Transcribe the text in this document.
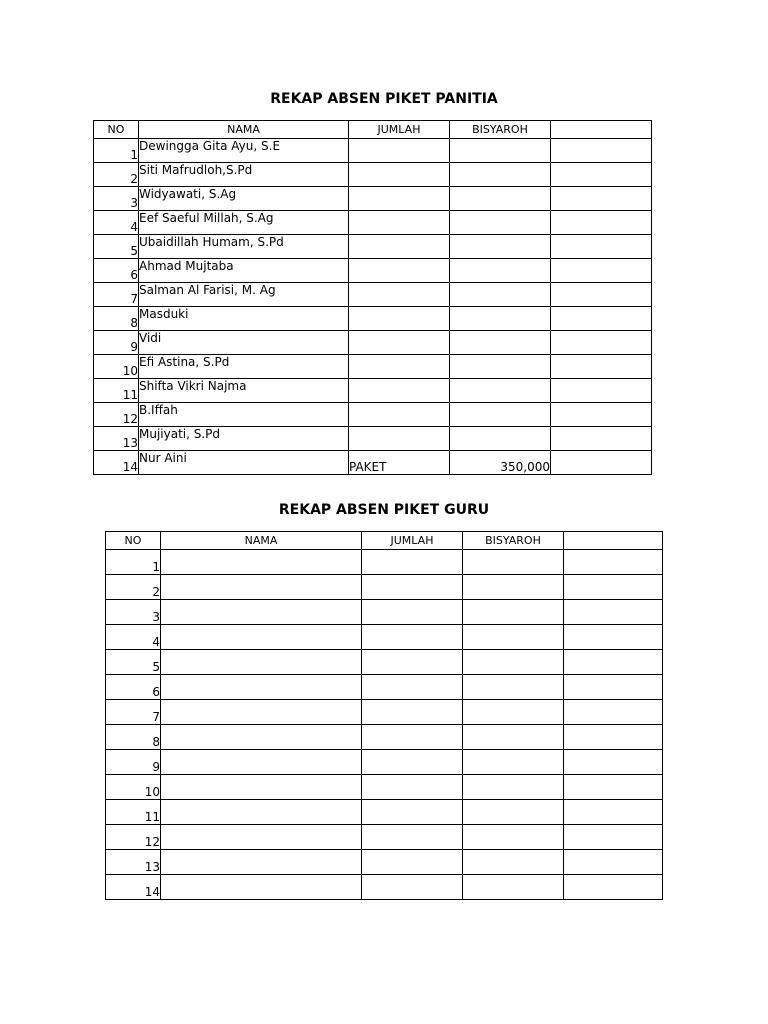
REKAP ABSEN PIKET PANITIA
NO	NAMA	JUMLAH	BISYAROH	
1	Dewingga Gita Ayu, S.E			
2	Siti Mafrudloh,S.Pd			
3	Widyawati, S.Ag			
4	Eef Saeful Millah, S.Ag			
5	Ubaidillah Humam, S.Pd			
6	Ahmad Mujtaba			
7	Salman Al Farisi, M. Ag			
8	Masduki			
9	Vidi			
10	Efi Astina, S.Pd			
11	Shifta Vikri Najma			
12	B.Iffah			
13	Mujiyati, S.Pd			
14	Nur Aini	PAKET	350,000	
REKAP ABSEN PIKET GURU
NO	NAMA	JUMLAH	BISYAROH	
1				
2				
3				
4				
5				
6				
7				
8				
9				
10				
11				
12				
13				
14				
